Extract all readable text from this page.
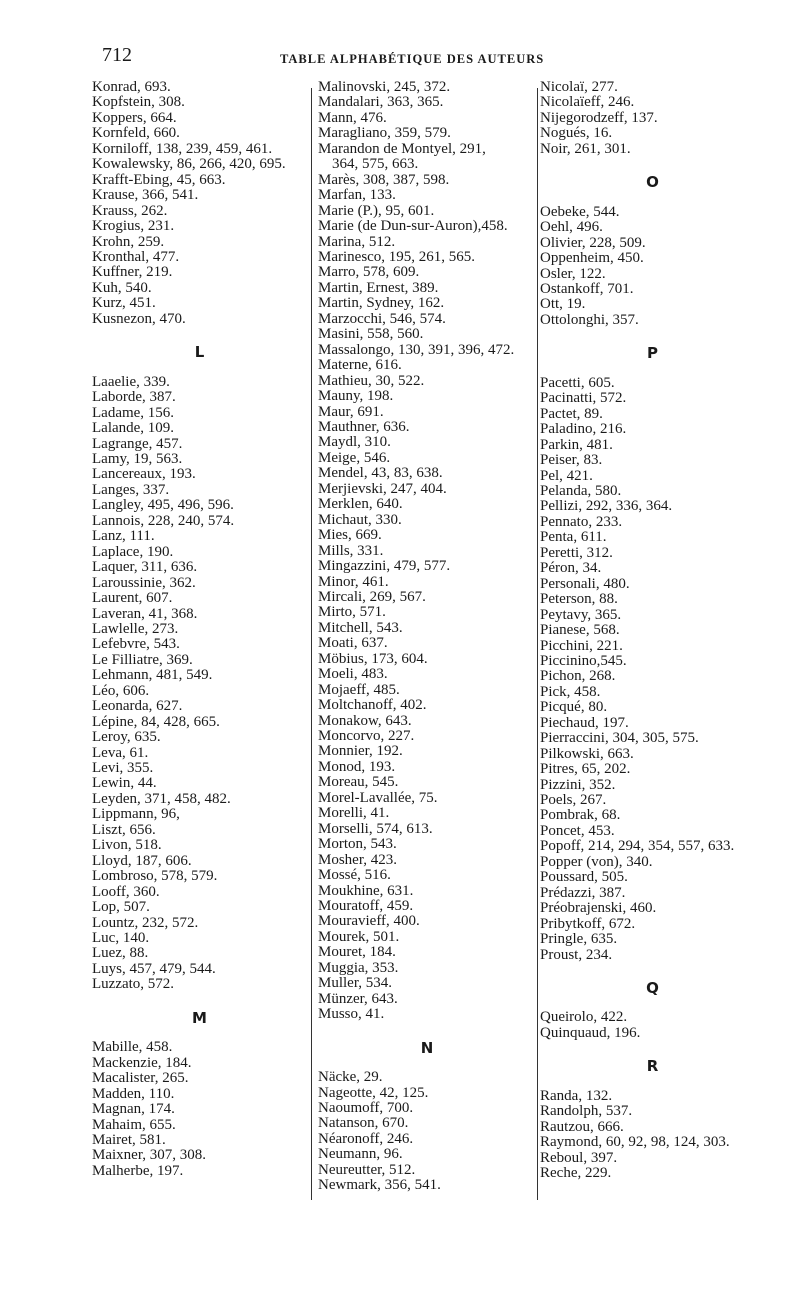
712	TABLE ALPHABÉTIQUE DES AUTEURS
Konrad, 693.
Kopfstein, 308.
Koppers, 664.
Kornfeld, 660.
Korniloff, 138, 239, 459, 461.
Kowalewsky, 86, 266, 420, 695.
Krafft-Ebing, 45, 663.
Krause, 366, 541.
Krauss, 262.
Krogius, 231.
Krohn, 259.
Kronthal, 477.
Kuffner, 219.
Kuh, 540.
Kurz, 451.
Kusnezon, 470.
L
Laaelie, 339.
Laborde, 387.
Ladame, 156.
Lalande, 109.
Lagrange, 457.
Lamy, 19, 563.
Lancereaux, 193.
Langes, 337.
Langley, 495, 496, 596.
Lannois, 228, 240, 574.
Lanz, 111.
Laplace, 190.
Laquer, 311, 636.
Laroussinie, 362.
Laurent, 607.
Laveran, 41, 368.
Lawlelle, 273.
Lefebvre, 543.
Le Filliatre, 369.
Lehmann, 481, 549.
Léo, 606.
Leonarda, 627.
Lépine, 84, 428, 665.
Leroy, 635.
Leva, 61.
Levi, 355.
Lewin, 44.
Leyden, 371, 458, 482.
Lippmann, 96,
Liszt, 656.
Livon, 518.
Lloyd, 187, 606.
Lombroso, 578, 579.
Looff, 360.
Lop, 507.
Lountz, 232, 572.
Luc, 140.
Luez, 88.
Luys, 457, 479, 544.
Luzzato, 572.
M
Mabille, 458.
Mackenzie, 184.
Macalister, 265.
Madden, 110.
Magnan, 174.
Mahaim, 655.
Mairet, 581.
Maixner, 307, 308.
Malherbe, 197.
Malinovski, 245, 372.
Mandalari, 363, 365.
Mann, 476.
Maragliano, 359, 579.
Marandon de Montyel, 291,
364, 575, 663.
Marès, 308, 387, 598.
Marfan, 133.
Marie (P.), 95, 601.
Marie (de Dun-sur-Auron),458.
Marina, 512.
Marinesco, 195, 261, 565.
Marro, 578, 609.
Martin, Ernest, 389.
Martin, Sydney, 162.
Marzocchi, 546, 574.
Masini, 558, 560.
Massalongo, 130, 391, 396, 472.
Materne, 616.
Mathieu, 30, 522.
Mauny, 198.
Maur, 691.
Mauthner, 636.
Maydl, 310.
Meige, 546.
Mendel, 43, 83, 638.
Merjievski, 247, 404.
Merklen, 640.
Michaut, 330.
Mies, 669.
Mills, 331.
Mingazzini, 479, 577.
Minor, 461.
Mircali, 269, 567.
Mirto, 571.
Mitchell, 543.
Moati, 637.
Möbius, 173, 604.
Moeli, 483.
Mojaeff, 485.
Moltchanoff, 402.
Monakow, 643.
Moncorvo, 227.
Monnier, 192.
Monod, 193.
Moreau, 545.
Morel-Lavallée, 75.
Morelli, 41.
Morselli, 574, 613.
Morton, 543.
Mosher, 423.
Mossé, 516.
Moukhine, 631.
Mouratoff, 459.
Mouravieff, 400.
Mourek, 501.
Mouret, 184.
Muggia, 353.
Muller, 534.
Münzer, 643.
Musso, 41.
N
Näcke, 29.
Nageotte, 42, 125.
Naoumoff, 700.
Natanson, 670.
Néaronoff, 246.
Neumann, 96.
Neureutter, 512.
Newmark, 356, 541.
Nicolaï, 277.
Nicolaïeff, 246.
Nijegorodzeff, 137.
Nogués, 16.
Noir, 261, 301.
O
Oebeke, 544.
Oehl, 496.
Olivier, 228, 509.
Oppenheim, 450.
Osler, 122.
Ostankoff, 701.
Ott, 19.
Ottolonghi, 357.
P
Pacetti, 605.
Pacinatti, 572.
Pactet, 89.
Paladino, 216.
Parkin, 481.
Peiser, 83.
Pel, 421.
Pelanda, 580.
Pellizi, 292, 336, 364.
Pennato, 233.
Penta, 611.
Peretti, 312.
Péron, 34.
Personali, 480.
Peterson, 88.
Peytavy, 365.
Pianese, 568.
Picchini, 221.
Piccinino,545.
Pichon, 268.
Pick, 458.
Picqué, 80.
Piechaud, 197.
Pierraccini, 304, 305, 575.
Pilkowski, 663.
Pitres, 65, 202.
Pizzini, 352.
Poels, 267.
Pombrak, 68.
Poncet, 453.
Popoff, 214, 294, 354, 557, 633.
Popper (von), 340.
Poussard, 505.
Prédazzi, 387.
Préobrajenski, 460.
Pribytkoff, 672.
Pringle, 635.
Proust, 234.
Q
Queirolo, 422.
Quinquaud, 196.
R
Randa, 132.
Randolph, 537.
Rautzou, 666.
Raymond, 60, 92, 98, 124, 303.
Reboul, 397.
Reche, 229.
